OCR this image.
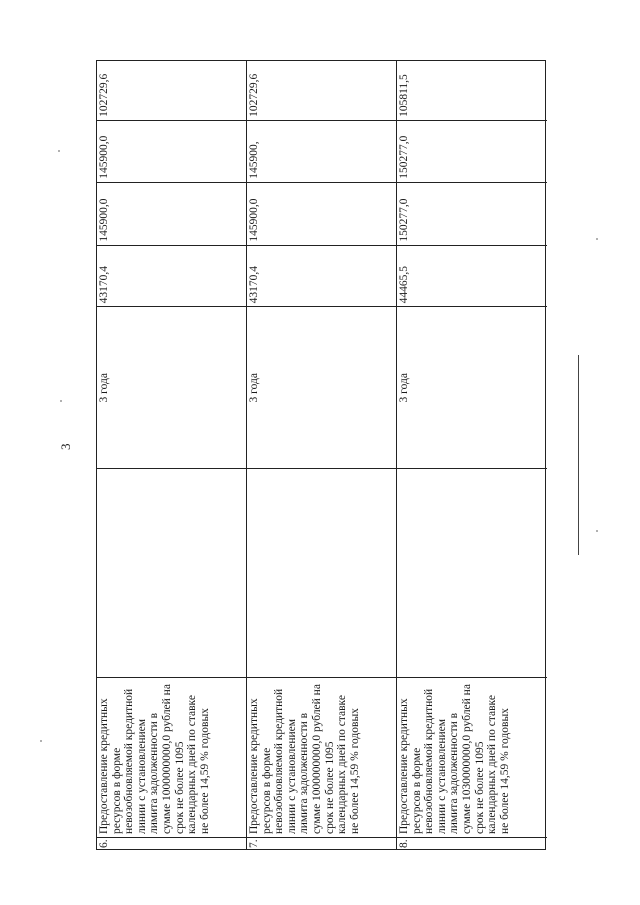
3
6.
Предоставление кредитных ресурсов в форме невозобновляемой кредитной линии с установлением лимита задолженности в сумме 1000000000,0 рублей на срок не более 1095 календарных дней по ставке не более 14,59 % годовых
3 года
43170,4
145900,0
145900,0
102729,6
7.
Предоставление кредитных ресурсов в форме невозобновляемой кредитной линии с установлением лимита задолженности в сумме 1000000000,0 рублей на срок не более 1095 календарных дней по ставке не более 14,59 % годовых
3 года
43170,4
145900,0
145900,
102729,6
8.
Предоставление кредитных ресурсов в форме невозобновляемой кредитной линии с установлением лимита задолженности в сумме 1030000000,0 рублей на срок не более 1095 календарных дней по ставке не более 14,59 % годовых
3 года
44465,5
150277,0
150277,0
105811,5
